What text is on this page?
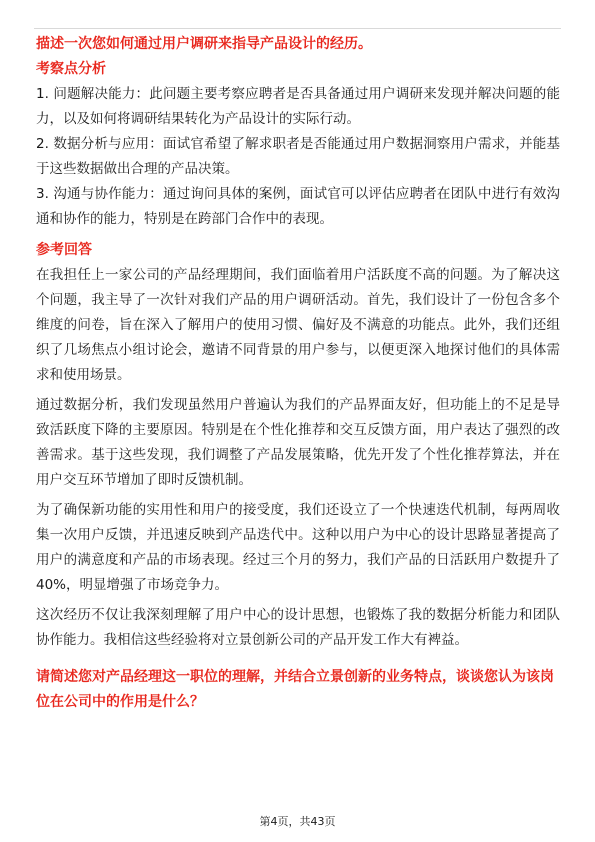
描述一次您如何通过用户调研来指导产品设计的经历。

考察点分析

1. 问题解决能力：此问题主要考察应聘者是否具备通过用户调研来发现并解决问题的能力，以及如何将调研结果转化为产品设计的实际行动。

2. 数据分析与应用：面试官希望了解求职者是否能通过用户数据洞察用户需求，并能基于这些数据做出合理的产品决策。

3. 沟通与协作能力：通过询问具体的案例，面试官可以评估应聘者在团队中进行有效沟通和协作的能力，特别是在跨部门合作中的表现。

参考回答

在我担任上一家公司的产品经理期间，我们面临着用户活跃度不高的问题。为了解决这个问题，我主导了一次针对我们产品的用户调研活动。首先，我们设计了一份包含多个维度的问卷，旨在深入了解用户的使用习惯、偏好及不满意的功能点。此外，我们还组织了几场焦点小组讨论会，邀请不同背景的用户参与，以便更深入地探讨他们的具体需求和使用场景。

通过数据分析，我们发现虽然用户普遍认为我们的产品界面友好，但功能上的不足是导致活跃度下降的主要原因。特别是在个性化推荐和交互反馈方面，用户表达了强烈的改善需求。基于这些发现，我们调整了产品发展策略，优先开发了个性化推荐算法，并在用户交互环节增加了即时反馈机制。

为了确保新功能的实用性和用户的接受度，我们还设立了一个快速迭代机制，每两周收集一次用户反馈，并迅速反映到产品迭代中。这种以用户为中心的设计思路显著提高了用户的满意度和产品的市场表现。经过三个月的努力，我们产品的日活跃用户数提升了40%，明显增强了市场竞争力。

这次经历不仅让我深刻理解了用户中心的设计思想，也锻炼了我的数据分析能力和团队协作能力。我相信这些经验将对立景创新公司的产品开发工作大有裨益。

请简述您对产品经理这一职位的理解，并结合立景创新的业务特点，谈谈您认为该岗位在公司中的作用是什么？

第4页，共43页
